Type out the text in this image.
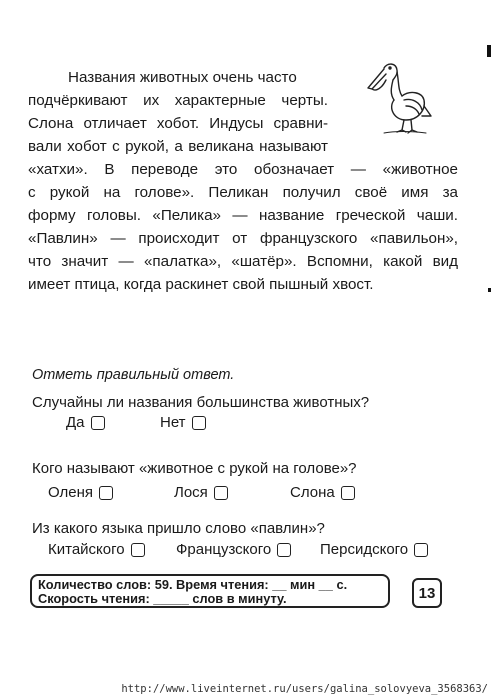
Названия животных очень часто
подчёркивают их характерные черты.
Слона отличает хобот. Индусы сравни-
вали хобот с рукой, а великана называют
«хатхи». В переводе это обозначает — «животное
с рукой на голове». Пеликан получил своё имя за
форму головы. «Пелика» — название греческой чаши.
«Павлин» — происходит от французского «павильон»,
что значит — «палатка», «шатёр». Вспомни, какой вид
имеет птица, когда раскинет свой пышный хвост.
Отметь правильный ответ.
Случайны ли названия большинства животных?
Да	Нет
Кого называют «животное с рукой на голове»?
Оленя	Лося	Слона
Из какого языка пришло слово «павлин»?
Китайского	Французского	Персидского
Количество слов: 59. Время чтения: __ мин __ с.
Скорость чтения: _____ слов в минуту.	13
http://www.liveinternet.ru/users/galina_solovyeva_3568363/
